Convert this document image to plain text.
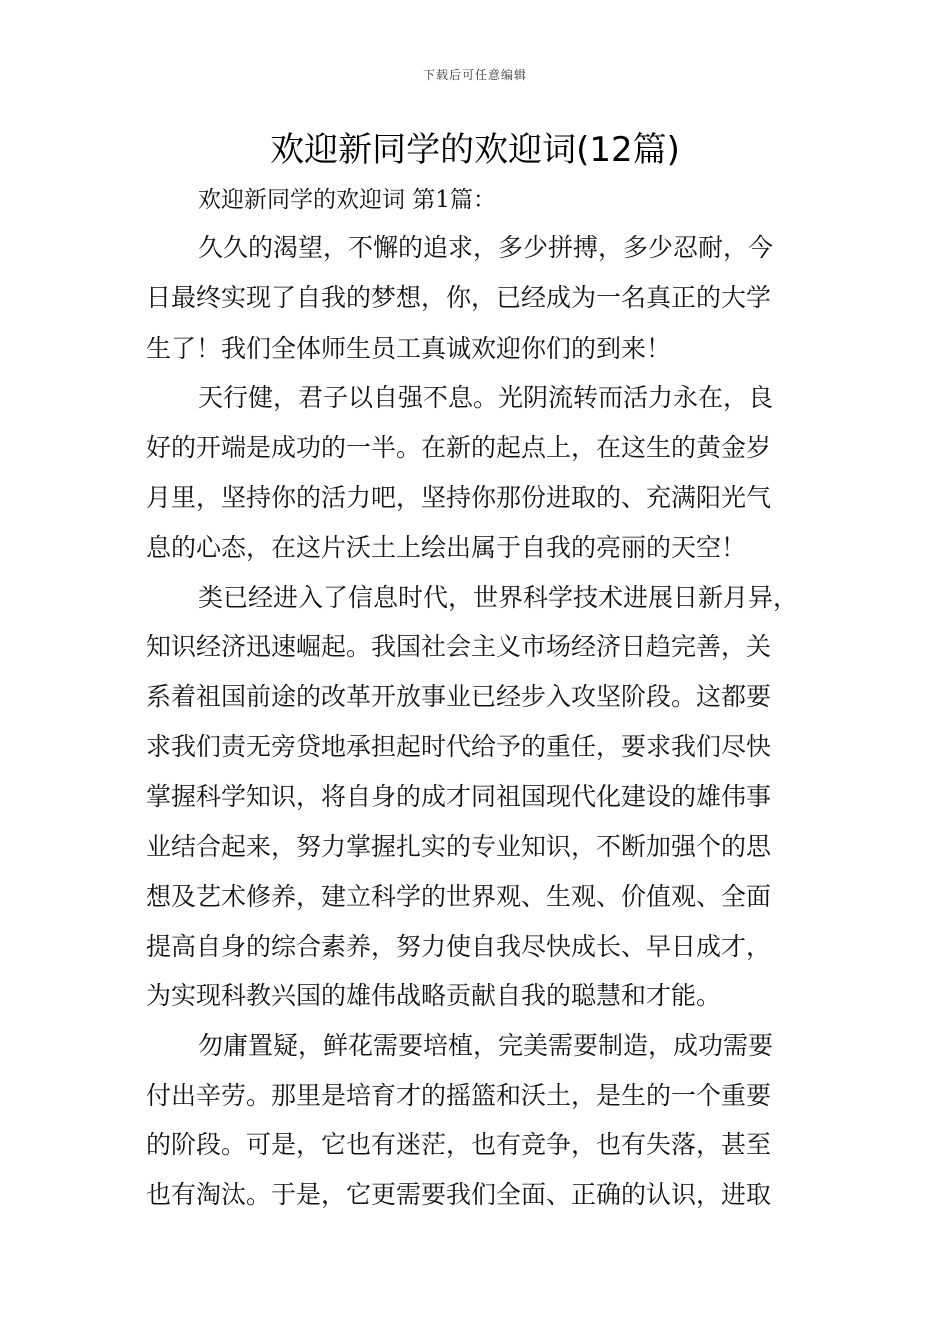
下载后可任意编辑
欢迎新同学的欢迎词(12篇)
欢迎新同学的欢迎词 第1篇：
久久的渴望，不懈的追求，多少拼搏，多少忍耐，今
日最终实现了自我的梦想，你，已经成为一名真正的大学
生了！我们全体师生员工真诚欢迎你们的到来！
天行健，君子以自强不息。光阴流转而活力永在，良
好的开端是成功的一半。在新的起点上，在这生的黄金岁
月里，坚持你的活力吧，坚持你那份进取的、充满阳光气
息的心态，在这片沃土上绘出属于自我的亮丽的天空！
类已经进入了信息时代，世界科学技术进展日新月异，
知识经济迅速崛起。我国社会主义市场经济日趋完善，关
系着祖国前途的改革开放事业已经步入攻坚阶段。这都要
求我们责无旁贷地承担起时代给予的重任，要求我们尽快
掌握科学知识，将自身的成才同祖国现代化建设的雄伟事
业结合起来，努力掌握扎实的专业知识，不断加强个的思
想及艺术修养，建立科学的世界观、生观、价值观、全面
提高自身的综合素养，努力使自我尽快成长、早日成才，
为实现科教兴国的雄伟战略贡献自我的聪慧和才能。
勿庸置疑，鲜花需要培植，完美需要制造，成功需要
付出辛劳。那里是培育才的摇篮和沃土，是生的一个重要
的阶段。可是，它也有迷茫，也有竞争，也有失落，甚至
也有淘汰。于是，它更需要我们全面、正确的认识，进取
